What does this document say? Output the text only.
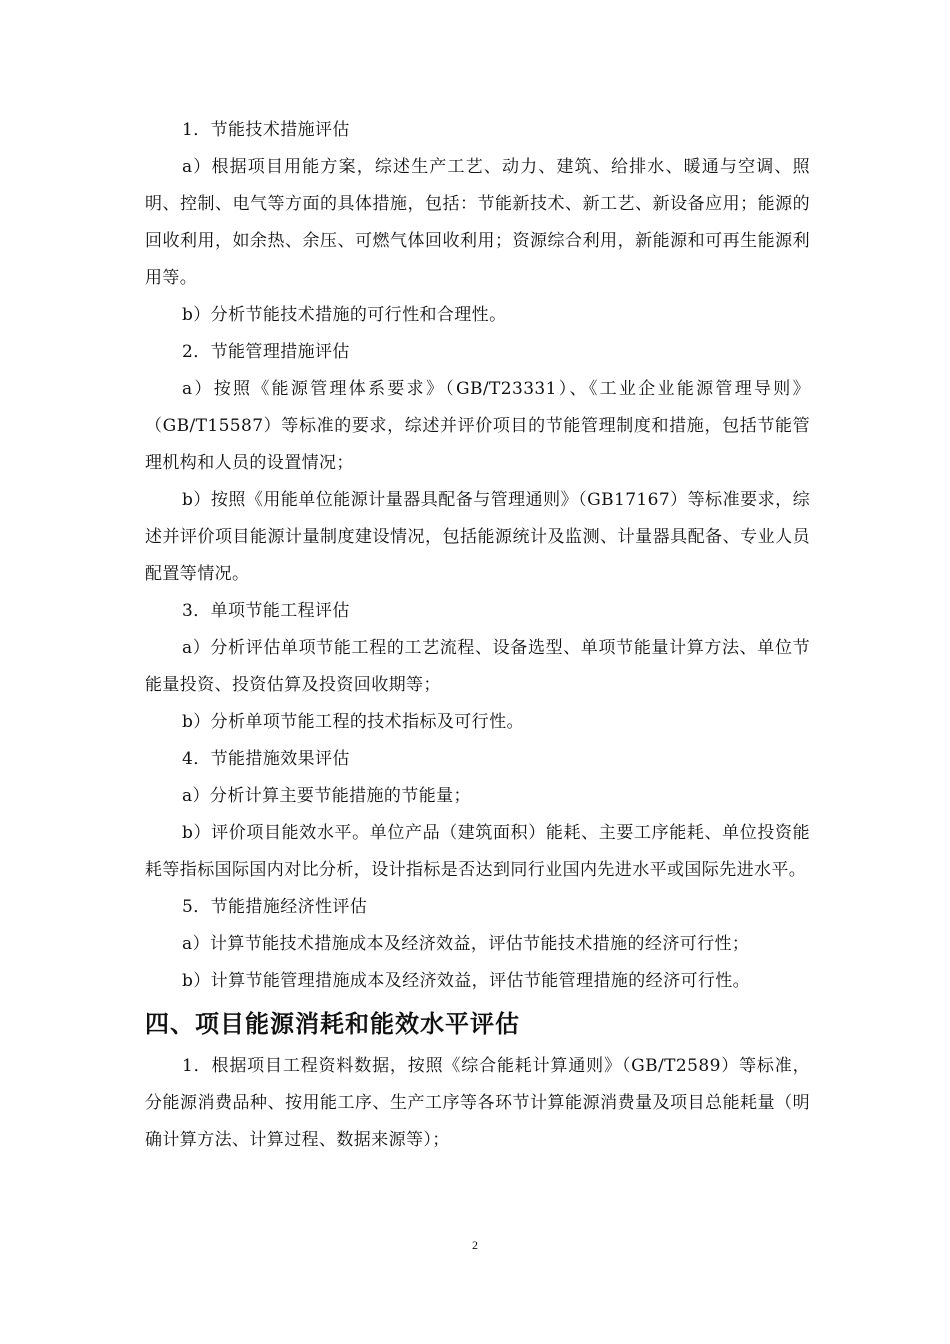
1．节能技术措施评估

a）根据项目用能方案，综述生产工艺、动力、建筑、给排水、暖通与空调、照明、控制、电气等方面的具体措施，包括：节能新技术、新工艺、新设备应用；能源的回收利用，如余热、余压、可燃气体回收利用；资源综合利用，新能源和可再生能源利用等。

b）分析节能技术措施的可行性和合理性。

2．节能管理措施评估

a）按照《能源管理体系要求》（GB/T23331）、《工业企业能源管理导则》（GB/T15587）等标准的要求，综述并评价项目的节能管理制度和措施，包括节能管理机构和人员的设置情况；

b）按照《用能单位能源计量器具配备与管理通则》（GB17167）等标准要求，综述并评价项目能源计量制度建设情况，包括能源统计及监测、计量器具配备、专业人员配置等情况。

3．单项节能工程评估

a）分析评估单项节能工程的工艺流程、设备选型、单项节能量计算方法、单位节能量投资、投资估算及投资回收期等；

b）分析单项节能工程的技术指标及可行性。

4．节能措施效果评估

a）分析计算主要节能措施的节能量；

b）评价项目能效水平。单位产品（建筑面积）能耗、主要工序能耗、单位投资能耗等指标国际国内对比分析，设计指标是否达到同行业国内先进水平或国际先进水平。

5．节能措施经济性评估

a）计算节能技术措施成本及经济效益，评估节能技术措施的经济可行性；

b）计算节能管理措施成本及经济效益，评估节能管理措施的经济可行性。

四、项目能源消耗和能效水平评估

1．根据项目工程资料数据，按照《综合能耗计算通则》（GB/T2589）等标准，分能源消费品种、按用能工序、生产工序等各环节计算能源消费量及项目总能耗量（明确计算方法、计算过程、数据来源等）；

2
